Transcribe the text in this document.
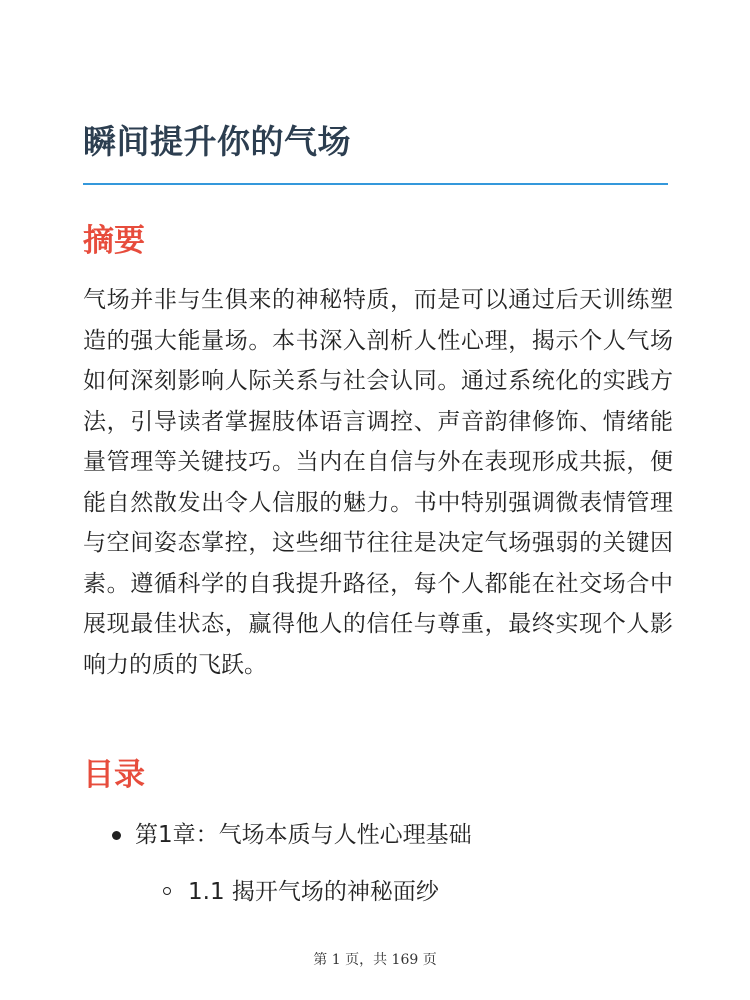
瞬间提升你的气场
摘要

气场并非与生俱来的神秘特质，而是可以通过后天训练塑造的强大能量场。本书深入剖析人性心理，揭示个人气场如何深刻影响人际关系与社会认同。通过系统化的实践方法，引导读者掌握肢体语言调控、声音韵律修饰、情绪能量管理等关键技巧。当内在自信与外在表现形成共振，便能自然散发出令人信服的魅力。书中特别强调微表情管理与空间姿态掌控，这些细节往往是决定气场强弱的关键因素。遵循科学的自我提升路径，每个人都能在社交场合中展现最佳状态，赢得他人的信任与尊重，最终实现个人影响力的质的飞跃。

目录
第1章：气场本质与人性心理基础
1.1 揭开气场的神秘面纱
第 1 页，共 169 页
